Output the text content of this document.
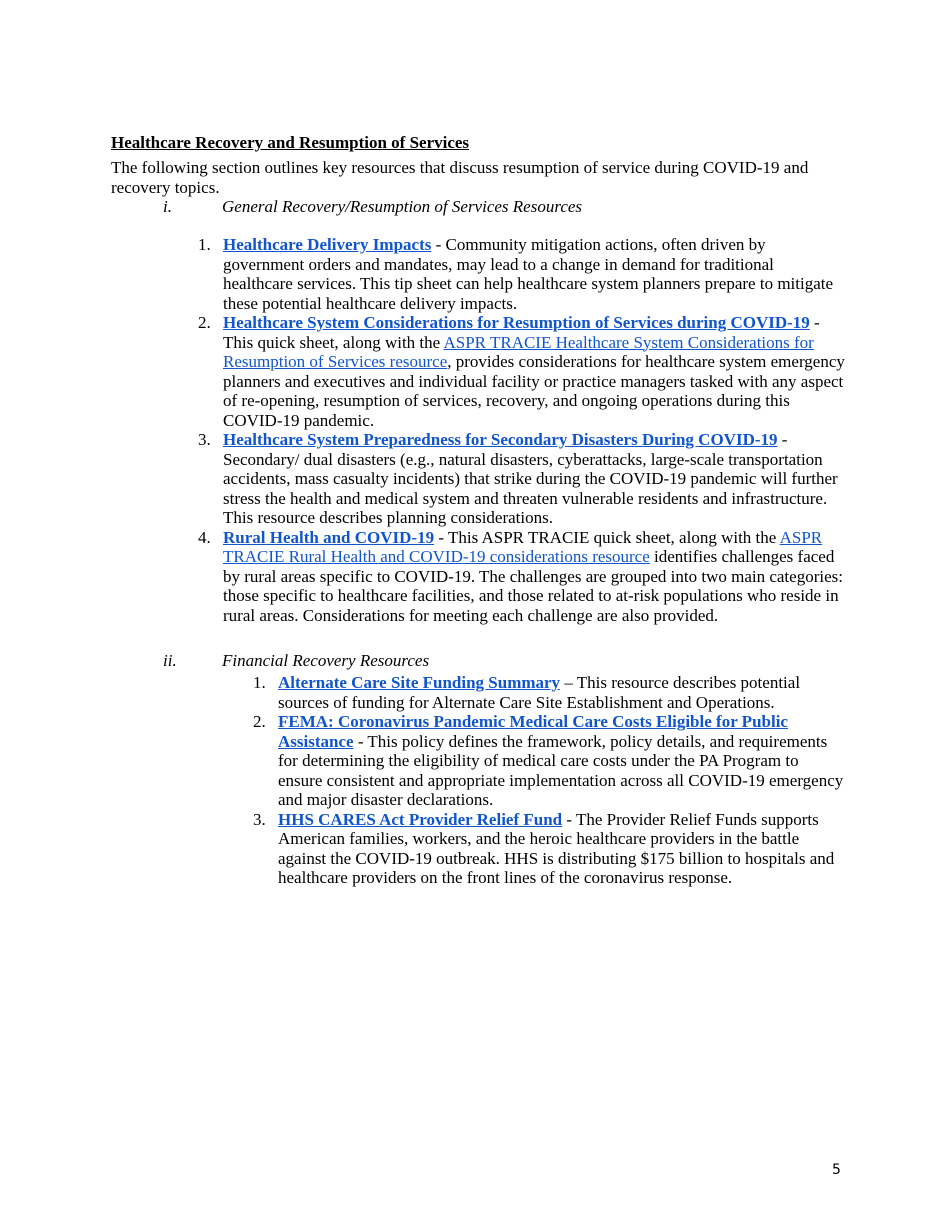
Healthcare Recovery and Resumption of Services

The following section outlines key resources that discuss resumption of service during COVID-19 and recovery topics.

i.	General Recovery/Resumption of Services Resources
1. Healthcare Delivery Impacts - Community mitigation actions, often driven by government orders and mandates, may lead to a change in demand for traditional healthcare services. This tip sheet can help healthcare system planners prepare to mitigate these potential healthcare delivery impacts.
2. Healthcare System Considerations for Resumption of Services during COVID-19 - This quick sheet, along with the ASPR TRACIE Healthcare System Considerations for Resumption of Services resource, provides considerations for healthcare system emergency planners and executives and individual facility or practice managers tasked with any aspect of re-opening, resumption of services, recovery, and ongoing operations during this COVID-19 pandemic.
3. Healthcare System Preparedness for Secondary Disasters During COVID-19 - Secondary/ dual disasters (e.g., natural disasters, cyberattacks, large-scale transportation accidents, mass casualty incidents) that strike during the COVID-19 pandemic will further stress the health and medical system and threaten vulnerable residents and infrastructure. This resource describes planning considerations.
4. Rural Health and COVID-19 - This ASPR TRACIE quick sheet, along with the ASPR TRACIE Rural Health and COVID-19 considerations resource identifies challenges faced by rural areas specific to COVID-19. The challenges are grouped into two main categories: those specific to healthcare facilities, and those related to at-risk populations who reside in rural areas. Considerations for meeting each challenge are also provided.
ii.	Financial Recovery Resources
1. Alternate Care Site Funding Summary – This resource describes potential sources of funding for Alternate Care Site Establishment and Operations.
2. FEMA: Coronavirus Pandemic Medical Care Costs Eligible for Public Assistance - This policy defines the framework, policy details, and requirements for determining the eligibility of medical care costs under the PA Program to ensure consistent and appropriate implementation across all COVID-19 emergency and major disaster declarations.
3. HHS CARES Act Provider Relief Fund - The Provider Relief Funds supports American families, workers, and the heroic healthcare providers in the battle against the COVID-19 outbreak. HHS is distributing $175 billion to hospitals and healthcare providers on the front lines of the coronavirus response.
5
